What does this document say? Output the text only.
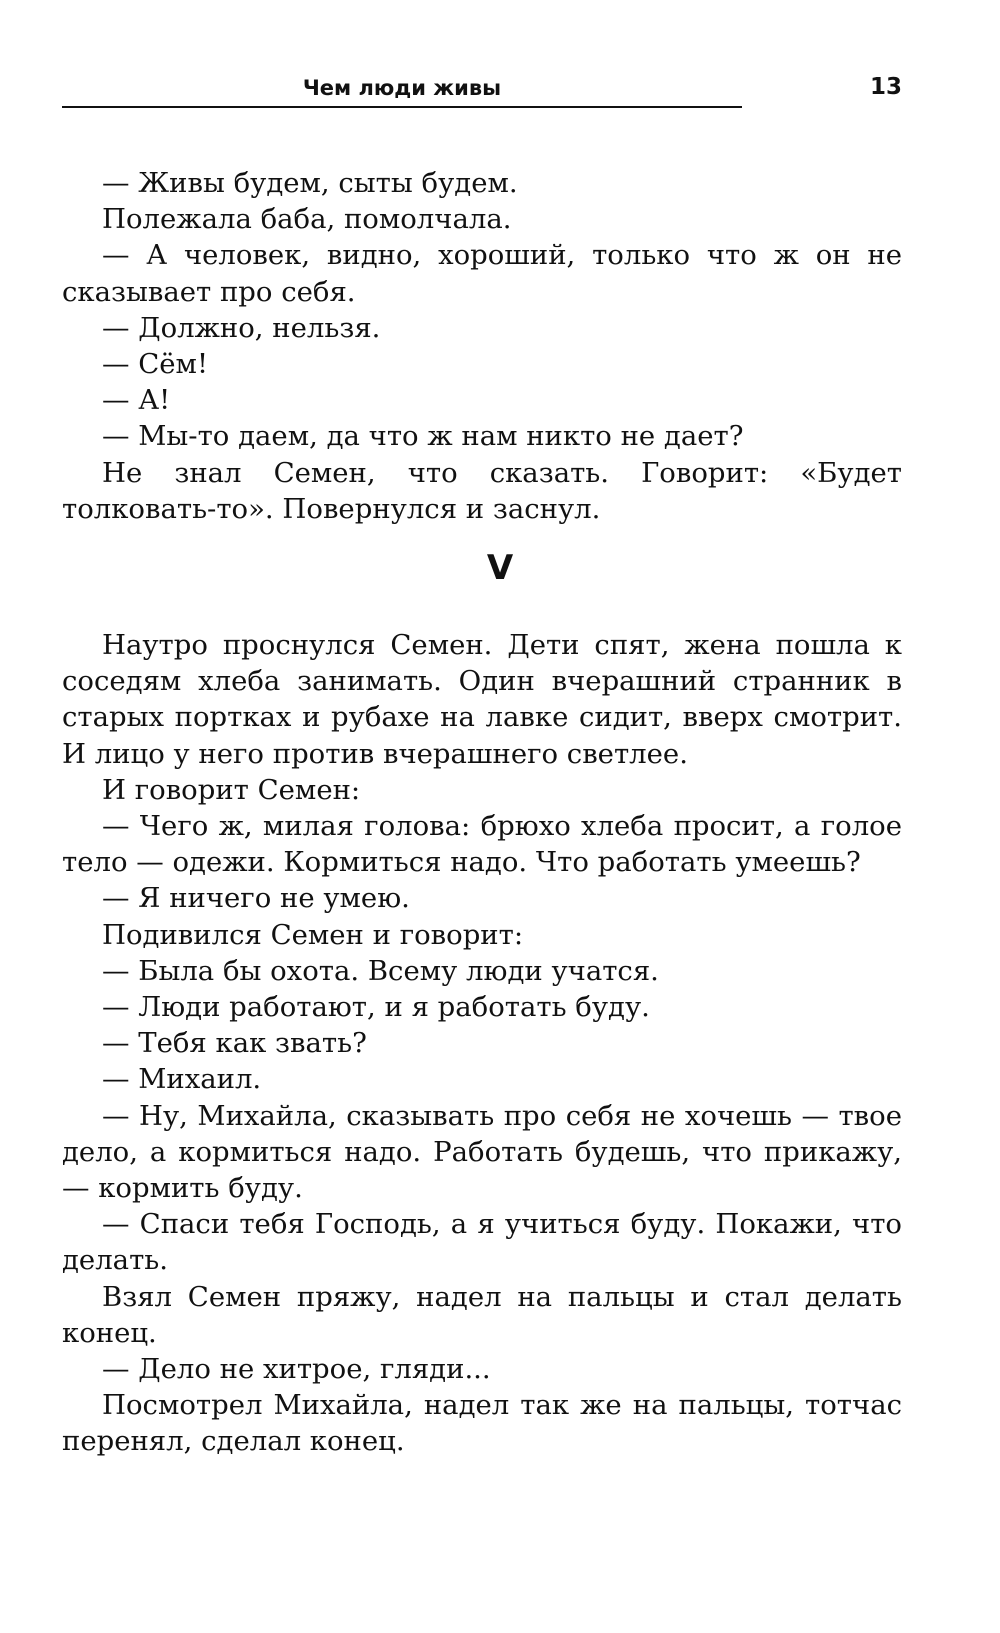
Чем люди живы	13

— Живы будем, сыты будем.

Полежала баба, помолчала.

— А человек, видно, хороший, только что ж он не сказывает про себя.

— Должно, нельзя.

— Сём!

— А!

— Мы-то даем, да что ж нам никто не дает?

Не знал Семен, что сказать. Говорит: «Будет толковать-то». Повернулся и заснул.

V

Наутро проснулся Семен. Дети спят, жена пошла к соседям хлеба занимать. Один вчерашний странник в старых портках и рубахе на лавке сидит, вверх смотрит. И лицо у него против вчерашнего светлее.

И говорит Семен:

— Чего ж, милая голова: брюхо хлеба просит, а голое тело — одежи. Кормиться надо. Что работать умеешь?

— Я ничего не умею.

Подивился Семен и говорит:

— Была бы охота. Всему люди учатся.

— Люди работают, и я работать буду.

— Тебя как звать?

— Михаил.

— Ну, Михайла, сказывать про себя не хочешь — твое дело, а кормиться надо. Работать будешь, что прикажу, — кормить буду.

— Спаси тебя Господь, а я учиться буду. Покажи, что делать.

Взял Семен пряжу, надел на пальцы и стал делать конец.

— Дело не хитрое, гляди...

Посмотрел Михайла, надел так же на пальцы, тотчас перенял, сделал конец.
